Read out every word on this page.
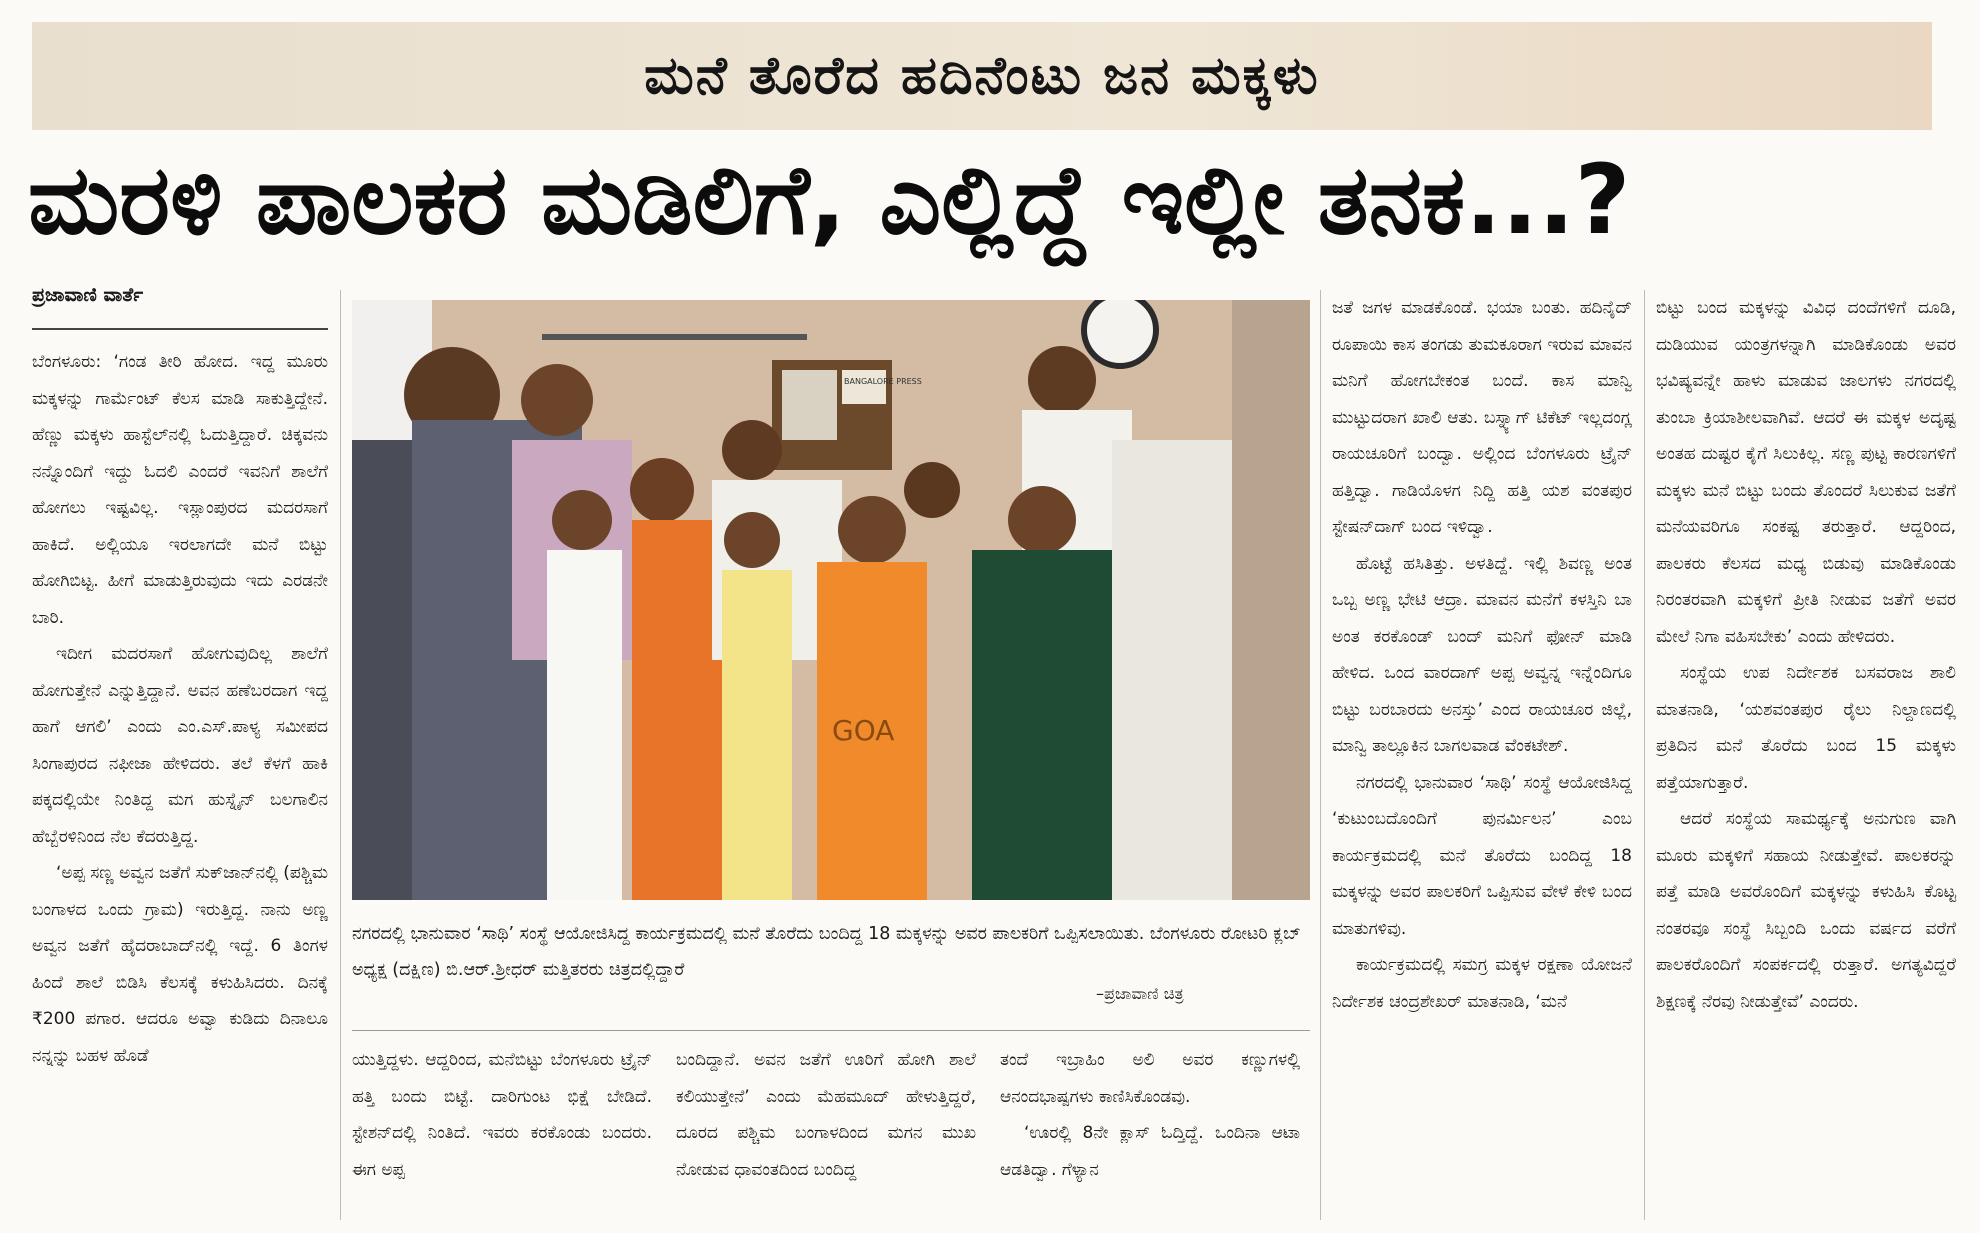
ಮನೆ ತೊರೆದ ಹದಿನೆಂಟು ಜನ ಮಕ್ಕಳು
ಮರಳಿ ಪಾಲಕರ ಮಡಿಲಿಗೆ, ಎಲ್ಲಿದ್ದೆ ಇಲ್ಲೀ ತನಕ...?
ಪ್ರಜಾವಾಣಿ ವಾರ್ತೆ

ಬೆಂಗಳೂರು: ‘ಗಂಡ ತೀರಿ ಹೋದ. ಇದ್ದ ಮೂರು ಮಕ್ಕಳನ್ನು ಗಾರ್ಮೆಂಟ್ ಕೆಲಸ ಮಾಡಿ ಸಾಕುತ್ತಿದ್ದೇನೆ. ಹೆಣ್ಣು ಮಕ್ಕಳು ಹಾಸ್ಟೆಲ್‌ನಲ್ಲಿ ಓದುತ್ತಿದ್ದಾರೆ. ಚಿಕ್ಕವನು ನನ್ನೊಂದಿಗೆ ಇದ್ದು ಓದಲಿ ಎಂದರೆ ಇವನಿಗೆ ಶಾಲೆಗೆ ಹೋಗಲು ಇಷ್ಟವಿಲ್ಲ. ಇಸ್ಲಾಂಪುರದ ಮದರಸಾಗೆ ಹಾಕಿದೆ. ಅಲ್ಲಿಯೂ ಇರಲಾಗದೇ ಮನೆ ಬಿಟ್ಟು ಹೋಗಿಬಿಟ್ಟ. ಹೀಗೆ ಮಾಡುತ್ತಿರುವುದು ಇದು ಎರಡನೇ ಬಾರಿ.

ಇದೀಗ ಮದರಸಾಗೆ ಹೋಗುವುದಿಲ್ಲ ಶಾಲೆಗೆ ಹೋಗುತ್ತೇನೆ ಎನ್ನುತ್ತಿದ್ದಾನೆ. ಅವನ ಹಣೆಬರದಾಗ ಇದ್ದ ಹಾಗೆ ಆಗಲಿ’ ಎಂದು ಎಂ.ಎಸ್.ಪಾಳ್ಯ ಸಮೀಪದ ಸಿಂಗಾಪುರದ ನಫೀಜಾ ಹೇಳಿದರು. ತಲೆ ಕೆಳಗೆ ಹಾಕಿ ಪಕ್ಕದಲ್ಲಿಯೇ ನಿಂತಿದ್ದ ಮಗ ಹುಸ್ನೈನ್ ಬಲಗಾಲಿನ ಹೆಬ್ಬೆರಳಿನಿಂದ ನೆಲ ಕೆದರುತ್ತಿದ್ದ.

‘ಅಪ್ಪ ಸಣ್ಣ ಅವ್ವನ ಜತೆಗೆ ಸುಕ್‌ಜಾನ್‌ನಲ್ಲಿ (ಪಶ್ಚಿಮ ಬಂಗಾಳದ ಒಂದು ಗ್ರಾಮ) ಇರುತ್ತಿದ್ದ. ನಾನು ಅಣ್ಣ ಅವ್ವನ ಜತೆಗೆ ಹೈದರಾಬಾದ್‌ನಲ್ಲಿ ಇದ್ದೆ. 6 ತಿಂಗಳ ಹಿಂದೆ ಶಾಲೆ ಬಿಡಿಸಿ ಕೆಲಸಕ್ಕೆ ಕಳುಹಿಸಿದರು. ದಿನಕ್ಕೆ ₹200 ಪಗಾರ. ಆದರೂ ಅವ್ವಾ ಕುಡಿದು ದಿನಾಲೂ ನನ್ನನ್ನು ಬಹಳ ಹೊಡೆ

BANGALORE PRESS
GOA
ನಗರದಲ್ಲಿ ಭಾನುವಾರ ‘ಸಾಥಿ’ ಸಂಸ್ಥೆ ಆಯೋಜಿಸಿದ್ದ ಕಾರ್ಯಕ್ರಮದಲ್ಲಿ ಮನೆ ತೊರೆದು ಬಂದಿದ್ದ 18 ಮಕ್ಕಳನ್ನು ಅವರ ಪಾಲಕರಿಗೆ ಒಪ್ಪಿಸಲಾಯಿತು. ಬೆಂಗಳೂರು ರೋಟರಿ ಕ್ಲಬ್ ಅಧ್ಯಕ್ಷ (ದಕ್ಷಿಣ) ಬಿ.ಆರ್.ಶ್ರೀಧರ್ ಮತ್ತಿತರರು ಚಿತ್ರದಲ್ಲಿದ್ದಾರೆ
–ಪ್ರಜಾವಾಣಿ ಚಿತ್ರ

ಯುತ್ತಿದ್ದಳು. ಆದ್ದರಿಂದ, ಮನೆಬಿಟ್ಟು ಬೆಂಗಳೂರು ಟ್ರೈನ್ ಹತ್ತಿ ಬಂದು ಬಿಟ್ಟೆ. ದಾರಿಗುಂಟ ಭಿಕ್ಷೆ ಬೇಡಿದೆ. ಸ್ಟೇಶನ್‌ದಲ್ಲಿ ನಿಂತಿದೆ. ಇವರು ಕರಕೊಂಡು ಬಂದರು. ಈಗ ಅಪ್ಪ

ಬಂದಿದ್ದಾನೆ. ಅವನ ಜತೆಗೆ ಊರಿಗೆ ಹೋಗಿ ಶಾಲೆ ಕಲಿಯುತ್ತೇನೆ’ ಎಂದು ಮೆಹಮೂದ್ ಹೇಳುತ್ತಿದ್ದರೆ, ದೂರದ ಪಶ್ಚಿಮ ಬಂಗಾಳದಿಂದ ಮಗನ ಮುಖ ನೋಡುವ ಧಾವಂತದಿಂದ ಬಂದಿದ್ದ

ತಂದೆ ಇಬ್ರಾಹಿಂ ಅಲಿ ಅವರ ಕಣ್ಣುಗಳಲ್ಲಿ ಆನಂದಭಾಷ್ಪಗಳು ಕಾಣಿಸಿಕೊಂಡವು.

‘ಊರಲ್ಲಿ 8ನೇ ಕ್ಲಾಸ್ ಓದ್ತಿದ್ದೆ. ಒಂದಿನಾ ಆಟಾ ಆಡತಿದ್ವಾ. ಗೆಳ್ಯಾನ

ಜತೆ ಜಗಳ ಮಾಡಕೊಂಡೆ. ಭಯಾ ಬಂತು. ಹದಿನೈದ್ ರೂಪಾಯಿ ಕಾಸ ತಂಗಡು ತುಮಕೂರಾಗ ಇರುವ ಮಾವನ ಮನಿಗೆ ಹೋಗಬೇಕಂತ ಬಂದೆ. ಕಾಸ ಮಾನ್ವಿ ಮುಟ್ಟುದರಾಗ ಖಾಲಿ ಆತು. ಬಸ್ನ್ಯಾಗ್ ಟಿಕೆಟ್ ಇಲ್ಲದಂಗ್ಲ ರಾಯಚೂರಿಗೆ ಬಂದ್ವಾ. ಅಲ್ಲಿಂದ ಬೆಂಗಳೂರು ಟ್ರೈನ್ ಹತ್ತಿದ್ವಾ. ಗಾಡಿಯೊಳಗ ನಿದ್ದಿ ಹತ್ತಿ ಯಶ ವಂತಪುರ ಸ್ಟೇಷನ್‌ದಾಗ್ ಬಂದ ಇಳಿದ್ವಾ.

ಹೊಟ್ಟೆ ಹಸಿತಿತ್ತು. ಅಳತಿದ್ದೆ. ಇಲ್ಲಿ ಶಿವಣ್ಣ ಅಂತ ಒಬ್ಬ ಅಣ್ಣ ಭೇಟಿ ಆದ್ರಾ. ಮಾವನ ಮನೆಗೆ ಕಳಸ್ತಿನಿ ಬಾ ಅಂತ ಕರಕೊಂಡ್ ಬಂದ್ ಮನಿಗೆ ಫೋನ್ ಮಾಡಿ ಹೇಳಿದ. ಒಂದ ವಾರದಾಗ್ ಅಪ್ಪ ಅವ್ವನ್ನ ಇನ್ನೆಂದಿಗೂ ಬಿಟ್ಟು ಬರಬಾರದು ಅನಸ್ತು’ ಎಂದ ರಾಯಚೂರ ಜಿಲ್ಲೆ, ಮಾನ್ವಿ ತಾಲ್ಲೂಕಿನ ಬಾಗಲವಾಡ ವೆಂಕಟೇಶ್.

ನಗರದಲ್ಲಿ ಭಾನುವಾರ ‘ಸಾಥಿ’ ಸಂಸ್ಥೆ ಆಯೋಜಿಸಿದ್ದ ‘ಕುಟುಂಬದೊಂದಿಗೆ ಪುನರ್ಮಿಲನ’ ಎಂಬ ಕಾರ್ಯಕ್ರಮದಲ್ಲಿ ಮನೆ ತೊರೆದು ಬಂದಿದ್ದ 18 ಮಕ್ಕಳನ್ನು ಅವರ ಪಾಲಕರಿಗೆ ಒಪ್ಪಿಸುವ ವೇಳೆ ಕೇಳಿ ಬಂದ ಮಾತುಗಳಿವು.

ಕಾರ್ಯಕ್ರಮದಲ್ಲಿ ಸಮಗ್ರ ಮಕ್ಕಳ ರಕ್ಷಣಾ ಯೋಜನೆ ನಿರ್ದೇಶಕ ಚಂದ್ರಶೇಖರ್ ಮಾತನಾಡಿ, ‘ಮನೆ

ಬಿಟ್ಟು ಬಂದ ಮಕ್ಕಳನ್ನು ವಿವಿಧ ದಂದೆಗಳಿಗೆ ದೂಡಿ, ದುಡಿಯುವ ಯಂತ್ರಗಳನ್ನಾಗಿ ಮಾಡಿಕೊಂಡು ಅವರ ಭವಿಷ್ಯವನ್ನೇ ಹಾಳು ಮಾಡುವ ಜಾಲಗಳು ನಗರದಲ್ಲಿ ತುಂಬಾ ಕ್ರಿಯಾಶೀಲವಾಗಿವೆ. ಆದರೆ ಈ ಮಕ್ಕಳ ಅದೃಷ್ಟ ಅಂತಹ ದುಷ್ಟರ ಕೈಗೆ ಸಿಲುಕಿಲ್ಲ. ಸಣ್ಣ ಪುಟ್ಟ ಕಾರಣಗಳಿಗೆ ಮಕ್ಕಳು ಮನೆ ಬಿಟ್ಟು ಬಂದು ತೊಂದರೆ ಸಿಲುಕುವ ಜತೆಗೆ ಮನೆಯವರಿಗೂ ಸಂಕಷ್ಟ ತರುತ್ತಾರೆ. ಆದ್ದರಿಂದ, ಪಾಲಕರು ಕೆಲಸದ ಮಧ್ಯ ಬಿಡುವು ಮಾಡಿಕೊಂಡು ನಿರಂತರವಾಗಿ ಮಕ್ಕಳಿಗೆ ಪ್ರೀತಿ ನೀಡುವ ಜತೆಗೆ ಅವರ ಮೇಲೆ ನಿಗಾ ವಹಿಸಬೇಕು’ ಎಂದು ಹೇಳಿದರು.

ಸಂಸ್ಥೆಯ ಉಪ ನಿರ್ದೇಶಕ ಬಸವರಾಜ ಶಾಲಿ ಮಾತನಾಡಿ, ‘ಯಶವಂತಪುರ ರೈಲು ನಿಲ್ದಾಣದಲ್ಲಿ ಪ್ರತಿದಿನ ಮನೆ ತೊರೆದು ಬಂದ 15 ಮಕ್ಕಳು ಪತ್ತೆಯಾಗುತ್ತಾರೆ.

ಆದರೆ ಸಂಸ್ಥೆಯ ಸಾಮರ್ಥ್ಯಕ್ಕೆ ಅನುಗುಣ ವಾಗಿ ಮೂರು ಮಕ್ಕಳಿಗೆ ಸಹಾಯ ನೀಡುತ್ತೇವೆ. ಪಾಲಕರನ್ನು ಪತ್ತೆ ಮಾಡಿ ಅವರೊಂದಿಗೆ ಮಕ್ಕಳನ್ನು ಕಳುಹಿಸಿ ಕೊಟ್ಟ ನಂತರವೂ ಸಂಸ್ಥೆ ಸಿಬ್ಬಂದಿ ಒಂದು ವರ್ಷದ ವರೆಗೆ ಪಾಲಕರೊಂದಿಗೆ ಸಂಪರ್ಕದಲ್ಲಿ ರುತ್ತಾರೆ. ಅಗತ್ಯವಿದ್ದರೆ ಶಿಕ್ಷಣಕ್ಕೆ ನೆರವು ನೀಡುತ್ತೇವೆ’ ಎಂದರು.
